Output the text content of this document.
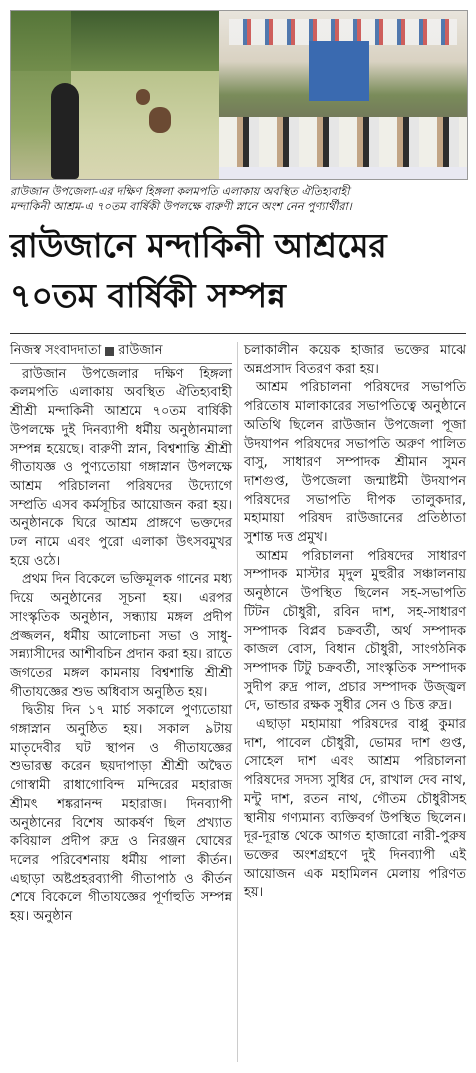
রাউজান উপজেলা-এর দক্ষিণ হিঙ্গলা কলমপতি এলাকায় অবস্থিত ঐতিহ্যবাহী
মন্দাকিনী আশ্রম-এ ৭০তম বার্ষিকী উপলক্ষে বারুণী স্নানে অংশ নেন পুণ্যার্থীরা।
রাউজানে মন্দাকিনী আশ্রমের
৭০তম বার্ষিকী সম্পন্ন
নিজস্ব সংবাদদাতা রাউজান

রাউজান উপজেলার দক্ষিণ হিঙ্গলা কলমপতি এলাকায় অবস্থিত ঐতিহ্যবাহী শ্রীশ্রী মন্দাকিনী আশ্রমে ৭০তম বার্ষিকী উপলক্ষে দুই দিনব্যাপী ধর্মীয় অনুষ্ঠানমালা সম্পন্ন হয়েছে। বারুণী স্নান, বিশ্বশান্তি শ্রীশ্রী গীতাযজ্ঞ ও পুণ্যতোয়া গঙ্গাস্নান উপলক্ষে আশ্রম পরিচালনা পরিষদের উদ্যোগে সম্প্রতি এসব কর্মসূচির আয়োজন করা হয়। অনুষ্ঠানকে ঘিরে আশ্রম প্রাঙ্গণে ভক্তদের ঢল নামে এবং পুরো এলাকা উৎসবমুখর হয়ে ওঠে।

প্রথম দিন বিকেলে ভক্তিমূলক গানের মধ্য দিয়ে অনুষ্ঠানের সূচনা হয়। এরপর সাংস্কৃতিক অনুষ্ঠান, সন্ধ্যায় মঙ্গল প্রদীপ প্রজ্জলন, ধর্মীয় আলোচনা সভা ও সাধু-সন্ন্যাসীদের আশীবচিন প্রদান করা হয়। রাতে জগতের মঙ্গল কামনায় বিশ্বশান্তি শ্রীশ্রী গীতাযজ্ঞের শুভ অধিবাস অনুষ্ঠিত হয়।

দ্বিতীয় দিন ১৭ মার্চ সকালে পুণ্যতোয়া গঙ্গাস্নান অনুষ্ঠিত হয়। সকাল ৯টায় মাতৃদেবীর ঘট স্থাপন ও গীতাযজ্ঞের শুভারম্ভ করেন ছয়দাপাড়া শ্রীশ্রী অদ্বৈত গোস্বামী রাধাগোবিন্দ মন্দিরের মহারাজ শ্রীমৎ শঙ্করানন্দ মহারাজ। দিনব্যাপী অনুষ্ঠানের বিশেষ আকর্ষণ ছিল প্রখ্যাত কবিয়াল প্রদীপ রুদ্র ও নিরঞ্জন ঘোষের দলের পরিবেশনায় ধর্মীয় পালা কীর্তন। এছাড়া অষ্টপ্রহরব্যাপী গীতাপাঠ ও কীর্তন শেষে বিকেলে গীতাযজ্ঞের পূর্ণাহুতি সম্পন্ন হয়। অনুষ্ঠান

চলাকালীন কয়েক হাজার ভক্তের মাঝে অন্নপ্রসাদ বিতরণ করা হয়।

আশ্রম পরিচালনা পরিষদের সভাপতি পরিতোষ মালাকারের সভাপতিত্বে অনুষ্ঠানে অতিথি ছিলেন রাউজান উপজেলা পূজা উদযাপন পরিষদের সভাপতি অরুণ পালিত বাসু, সাধারণ সম্পাদক শ্রীমান সুমন দাশগুপ্ত, উপজেলা জন্মাষ্টমী উদযাপন পরিষদের সভাপতি দীপক তালুকদার, মহামায়া পরিষদ রাউজানের প্রতিষ্ঠাতা সুশান্ত দত্ত প্রমুখ।

আশ্রম পরিচালনা পরিষদের সাধারণ সম্পাদক মাস্টার মৃদুল মুহুরীর সঞ্চালনায় অনুষ্ঠানে উপস্থিত ছিলেন সহ-সভাপতি টিটন চৌধুরী, রবিন দাশ, সহ-সাধারণ সম্পাদক বিপ্লব চক্রবর্তী, অর্থ সম্পাদক কাজল বোস, বিধান চৌধুরী, সাংগঠনিক সম্পাদক টিটু চক্রবর্তী, সাংস্কৃতিক সম্পাদক সুদীপ রুদ্র পাল, প্রচার সম্পাদক উজ্জ্বল দে, ভান্ডার রক্ষক সুধীর সেন ও চিত্ত রুদ্র।

এছাড়া মহামায়া পরিষদের বাপ্পু কুমার দাশ, পাবেল চৌধুরী, ভোমর দাশ গুপ্ত, সোহেল দাশ এবং আশ্রম পরিচালনা পরিষদের সদস্য সুধির দে, রাখাল দেব নাথ, মন্টু দাশ, রতন নাথ, গৌতম চৌধুরীসহ স্থানীয় গণ্যমান্য ব্যক্তিবর্গ উপস্থিত ছিলেন। দূর-দূরান্ত থেকে আগত হাজারো নারী-পুরুষ ভক্তের অংশগ্রহণে দুই দিনব্যাপী এই আয়োজন এক মহামিলন মেলায় পরিণত হয়।
